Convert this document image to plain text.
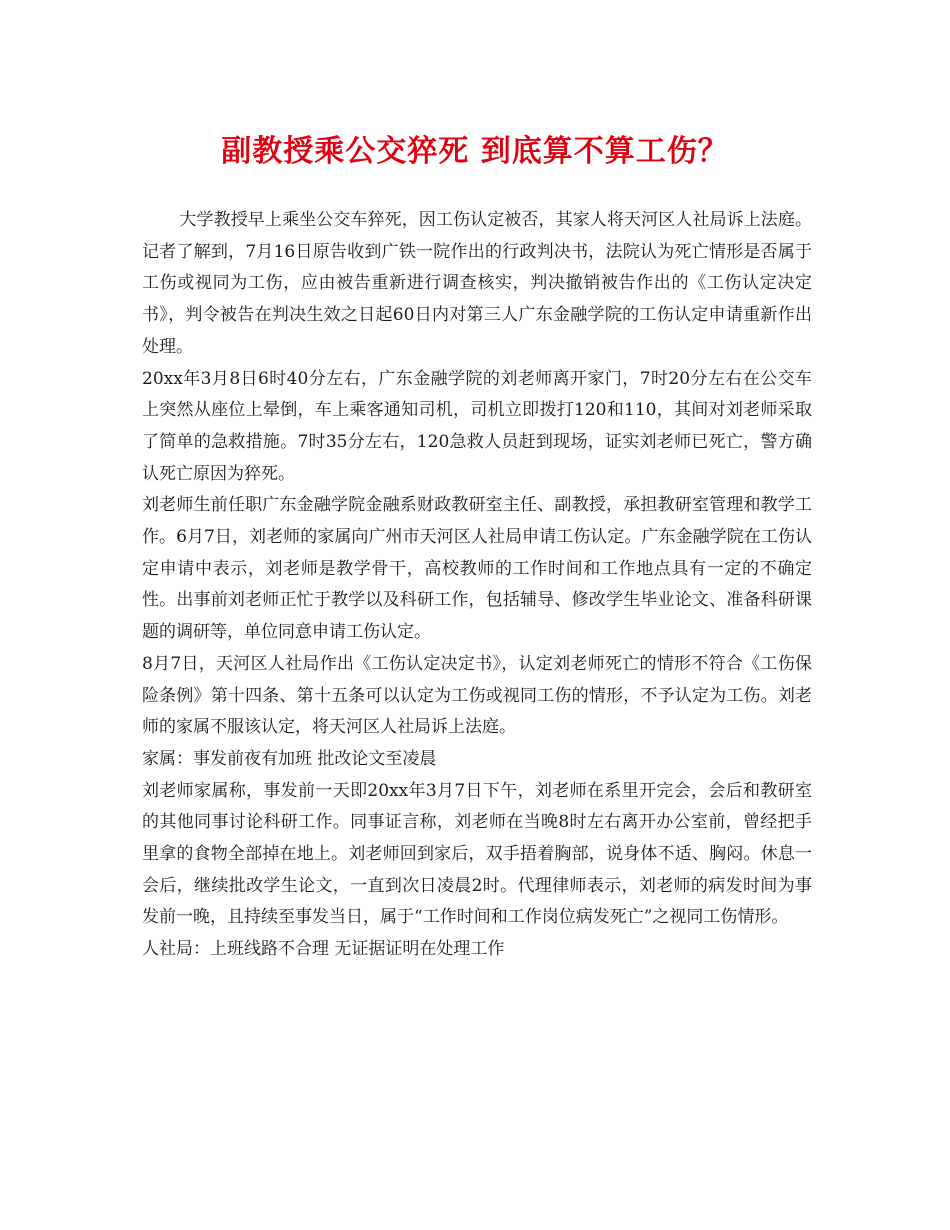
副教授乘公交猝死 到底算不算工伤？

大学教授早上乘坐公交车猝死，因工伤认定被否，其家人将天河区人社局诉上法庭。记者了解到，7月16日原告收到广铁一院作出的行政判决书，法院认为死亡情形是否属于工伤或视同为工伤，应由被告重新进行调查核实，判决撤销被告作出的《工伤认定决定书》，判令被告在判决生效之日起60日内对第三人广东金融学院的工伤认定申请重新作出处理。

20xx年3月8日6时40分左右，广东金融学院的刘老师离开家门，7时20分左右在公交车上突然从座位上晕倒，车上乘客通知司机，司机立即拨打120和110，其间对刘老师采取了简单的急救措施。7时35分左右，120急救人员赶到现场，证实刘老师已死亡，警方确认死亡原因为猝死。

刘老师生前任职广东金融学院金融系财政教研室主任、副教授，承担教研室管理和教学工作。6月7日，刘老师的家属向广州市天河区人社局申请工伤认定。广东金融学院在工伤认定申请中表示，刘老师是教学骨干，高校教师的工作时间和工作地点具有一定的不确定性。出事前刘老师正忙于教学以及科研工作，包括辅导、修改学生毕业论文、准备科研课题的调研等，单位同意申请工伤认定。

8月7日，天河区人社局作出《工伤认定决定书》，认定刘老师死亡的情形不符合《工伤保险条例》第十四条、第十五条可以认定为工伤或视同工伤的情形，不予认定为工伤。刘老师的家属不服该认定，将天河区人社局诉上法庭。

家属：事发前夜有加班 批改论文至凌晨

刘老师家属称，事发前一天即20xx年3月7日下午，刘老师在系里开完会，会后和教研室的其他同事讨论科研工作。同事证言称，刘老师在当晚8时左右离开办公室前，曾经把手里拿的食物全部掉在地上。刘老师回到家后，双手捂着胸部，说身体不适、胸闷。休息一会后，继续批改学生论文，一直到次日凌晨2时。代理律师表示，刘老师的病发时间为事发前一晚，且持续至事发当日，属于“工作时间和工作岗位病发死亡”之视同工伤情形。

人社局：上班线路不合理 无证据证明在处理工作
